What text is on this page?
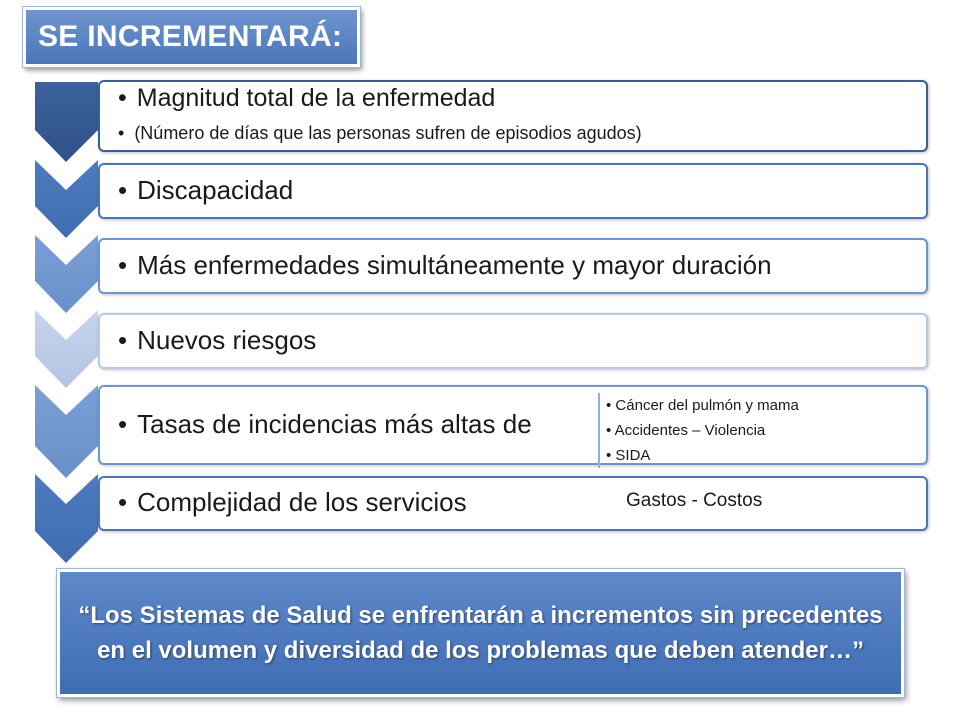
SE INCREMENTARÁ:
• Magnitud total de la enfermedad
• (Número de días que las personas sufren de episodios agudos)
• Discapacidad
• Más enfermedades simultáneamente y mayor duración
• Nuevos riesgos
• Tasas de incidencias más altas de
• Cáncer del pulmón y mama
• Accidentes – Violencia
• SIDA
• Complejidad de los servicios	Gastos - Costos
“Los Sistemas de Salud se enfrentarán a incrementos sin precedentes en el volumen y diversidad de los problemas que deben atender…”
